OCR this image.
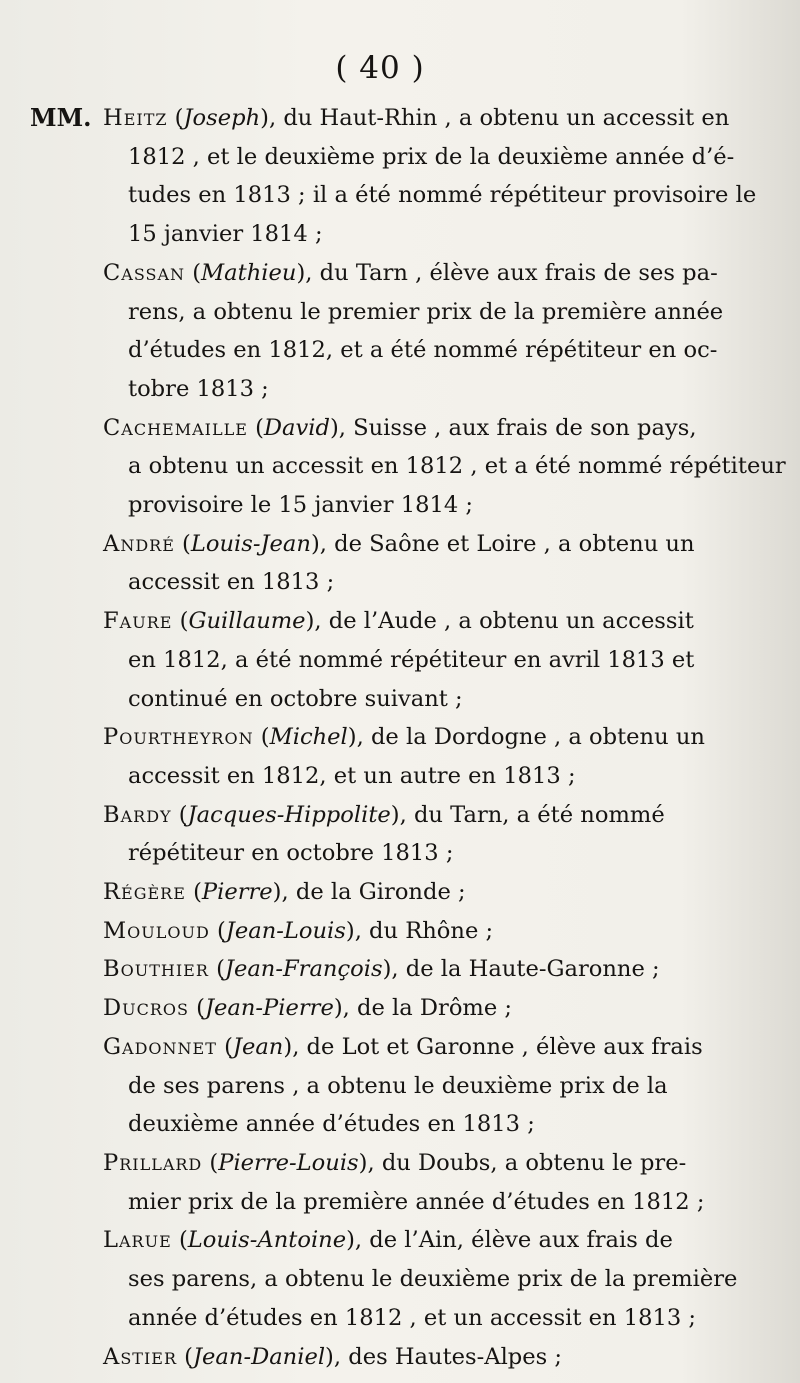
( 40 )
MM. Heitz (Joseph), du Haut-Rhin , a obtenu un accessit en
1812 , et le deuxième prix de la deuxième année d’é-
tudes en 1813 ; il a été nommé répétiteur provisoire le
15 janvier 1814 ;
Cassan (Mathieu), du Tarn , élève aux frais de ses pa-
rens, a obtenu le premier prix de la première année
d’études en 1812, et a été nommé répétiteur en oc-
tobre 1813 ;
Cachemaille (David), Suisse , aux frais de son pays,
a obtenu un accessit en 1812 , et a été nommé répétiteur
provisoire le 15 janvier 1814 ;
André (Louis-Jean), de Saône et Loire , a obtenu un
accessit en 1813 ;
Faure (Guillaume), de l’Aude , a obtenu un accessit
en 1812, a été nommé répétiteur en avril 1813 et
continué en octobre suivant ;
Pourtheyron (Michel), de la Dordogne , a obtenu un
accessit en 1812, et un autre en 1813 ;
Bardy (Jacques-Hippolite), du Tarn, a été nommé
répétiteur en octobre 1813 ;
Régère (Pierre), de la Gironde ;
Mouloud (Jean-Louis), du Rhône ;
Bouthier (Jean-François), de la Haute-Garonne ;
Ducros (Jean-Pierre), de la Drôme ;
Gadonnet (Jean), de Lot et Garonne , élève aux frais
de ses parens , a obtenu le deuxième prix de la
deuxième année d’études en 1813 ;
Prillard (Pierre-Louis), du Doubs, a obtenu le pre-
mier prix de la première année d’études en 1812 ;
Larue (Louis-Antoine), de l’Ain, élève aux frais de
ses parens, a obtenu le deuxième prix de la première
année d’études en 1812 , et un accessit en 1813 ;
Astier (Jean-Daniel), des Hautes-Alpes ;
